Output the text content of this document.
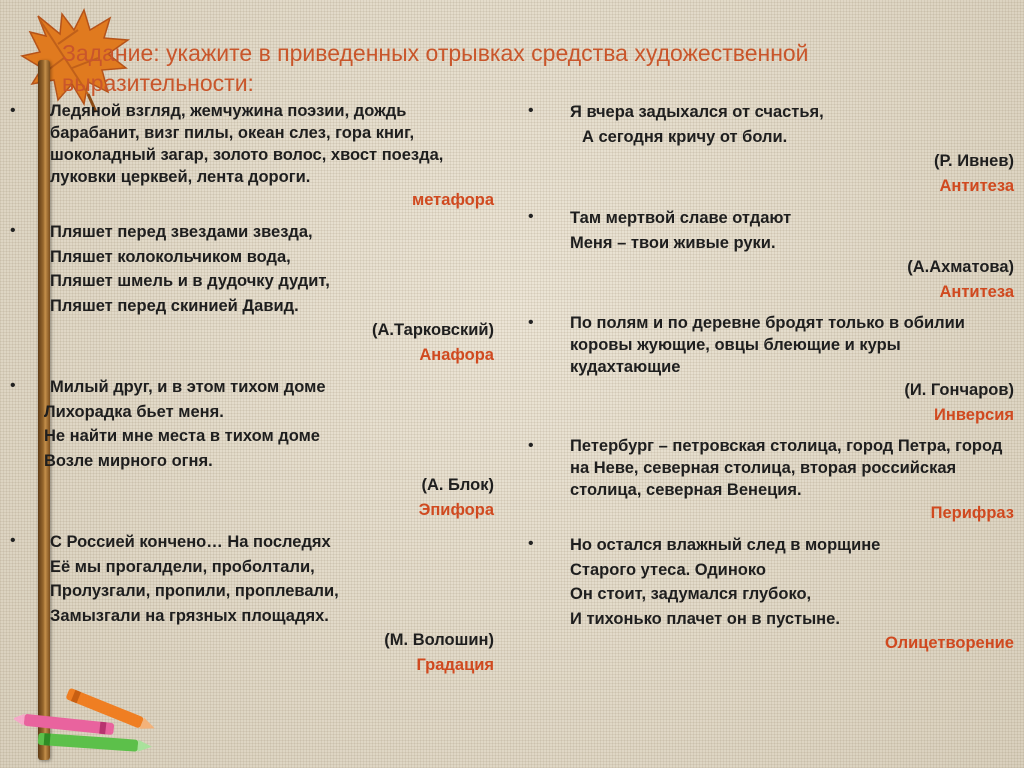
Задание: укажите в приведенных отрывках средства художественной выразительности:
• Ледяной взгляд, жемчужина поэзии, дождь барабанит, визг пилы, океан слез, гора книг, шоколадный загар, золото волос, хвост поезда, луковки церквей, лента дороги.
метафора
• Пляшет перед звездами звезда,
Пляшет колокольчиком вода,
Пляшет шмель и в дудочку дудит,
Пляшет перед скинией Давид.
(А.Тарковский)
Анафора
• Милый друг, и в этом тихом доме
Лихорадка бьет меня.
Не найти мне места в тихом доме
Возле мирного огня.
(А. Блок)
Эпифора
• С Россией кончено… На последях
Её мы прогалдели, проболтали,
Пролузгали, пропили, проплевали,
Замызгали на грязных площадях.
(М. Волошин)
Градация
• Я вчера задыхался от счастья,
А сегодня кричу от боли.
(Р. Ивнев)
Антитеза
• Там мертвой славе отдают
Меня – твои живые руки.
(А.Ахматова)
Антитеза
• По полям и по деревне бродят только в обилии коровы жующие, овцы блеющие и куры кудахтающие
(И. Гончаров)
Инверсия
• Петербург – петровская столица, город Петра, город на Неве, северная столица, вторая российская столица, северная Венеция.
Перифраз
• Но остался влажный след в морщине
Старого утеса. Одиноко
Он стоит, задумался глубоко,
И тихонько плачет он в пустыне.
Олицетворение
